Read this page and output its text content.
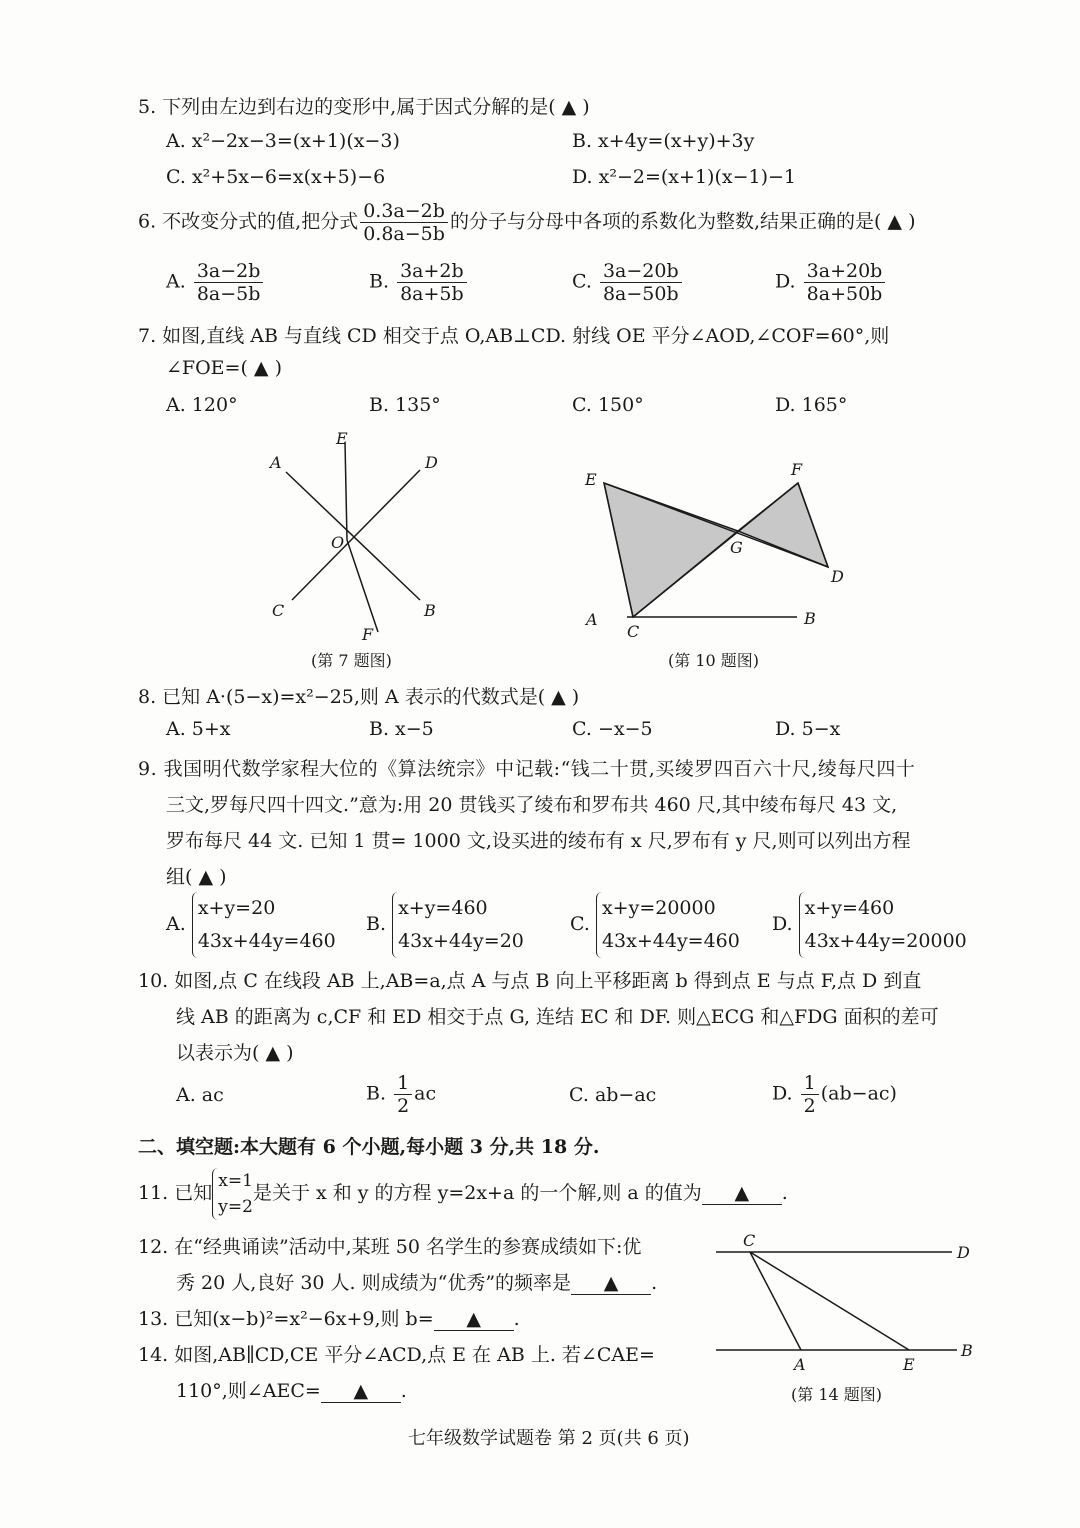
5. 下列由左边到右边的变形中,属于因式分解的是( ▲ )
A. x²−2x−3=(x+1)(x−3)	B. x+4y=(x+y)+3y
C. x²+5x−6=x(x+5)−6	D. x²−2=(x+1)(x−1)−1
6. 不改变分式的值,把分式 $\frac{0.3a-2b}{0.8a-5b}$ 的分子与分母中各项的系数化为整数,结果正确的是( ▲ )
A. $\frac{3a-2b}{8a-5b}$	B. $\frac{3a+2b}{8a+5b}$	C. $\frac{3a-20b}{8a-50b}$	D. $\frac{3a+20b}{8a+50b}$
7. 如图,直线 AB 与直线 CD 相交于点 O,AB⊥CD. 射线 OE 平分∠AOD,∠COF=60°,则
∠FOE=( ▲ )
A. 120°	B. 135°	C. 150°	D. 165°
A
B
C
D
E
F
O
(第 7 题图)
E
F
G
D
A
C
B
(第 10 题图)
8. 已知 A·(5−x)=x²−25,则 A 表示的代数式是( ▲ )
A. 5+x	B. x−5	C. −x−5	D. 5−x
9. 我国明代数学家程大位的《算法统宗》中记载:“钱二十贯,买绫罗四百六十尺,绫每尺四十
三文,罗每尺四十四文.”意为:用 20 贯钱买了绫布和罗布共 460 尺,其中绫布每尺 43 文,
罗布每尺 44 文. 已知 1 贯= 1000 文,设买进的绫布有 x 尺,罗布有 y 尺,则可以列出方程
组( ▲ )
A.
x+y=20
43x+44y=460
B.
x+y=460
43x+44y=20
C.
x+y=20000
43x+44y=460
D.
x+y=460
43x+44y=20000
10. 如图,点 C 在线段 AB 上,AB=a,点 A 与点 B 向上平移距离 b 得到点 E 与点 F,点 D 到直
线 AB 的距离为 c,CF 和 ED 相交于点 G, 连结 EC 和 DF. 则△ECG 和△FDG 面积的差可
以表示为( ▲ )
A. ac	B. $\frac{1}{2}$ ac	C. ab−ac	D. $\frac{1}{2} (ab-ac)$
二、填空题:本大题有 6 个小题,每小题 3 分,共 18 分.
11. 已知
x=1
y=2
是关于 x 和 y 的方程 y=2x+a 的一个解,则 a 的值为 ▲ .
12. 在“经典诵读”活动中,某班 50 名学生的参赛成绩如下:优
秀 20 人,良好 30 人. 则成绩为“优秀”的频率是 ▲ .
13. 已知(x−b)²=x²−6x+9,则 b= ▲ .
14. 如图,AB∥CD,CE 平分∠ACD,点 E 在 AB 上. 若∠CAE=
110°,则∠AEC= ▲ .
C
D
A	E
B
(第 14 题图)
七年级数学试题卷 第 2 页(共 6 页)
